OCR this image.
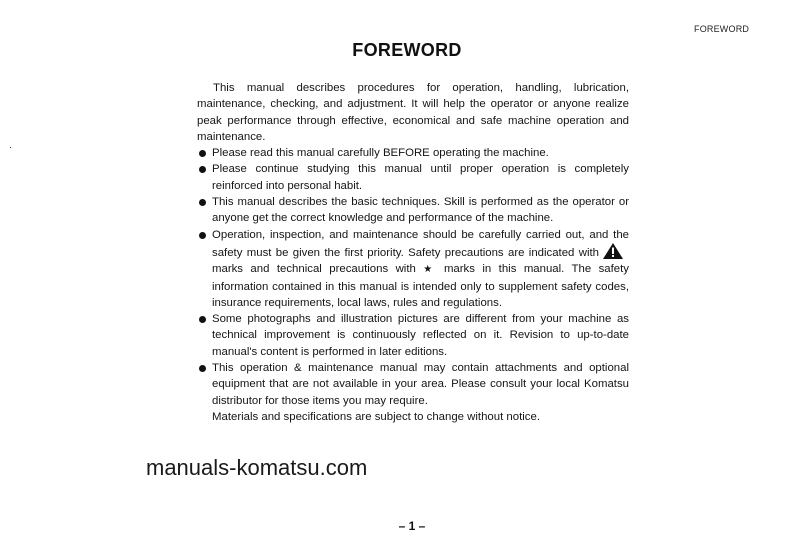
FOREWORD
FOREWORD

This manual describes procedures for operation, handling, lubrication, maintenance, checking, and adjustment. It will help the operator or anyone realize peak performance through effective, economical and safe machine operation and maintenance.

Please read this manual carefully BEFORE operating the machine.
Please continue studying this manual until proper operation is completely reinforced into personal habit.
This manual describes the basic techniques. Skill is performed as the operator or anyone get the correct knowledge and performance of the machine.
Operation, inspection, and maintenance should be carefully carried out, and the safety must be given the first priority. Safety precautions are indicated withmarks and technical precautions with ★ marks in this manual. The safety information contained in this manual is intended only to supplement safety codes, insurance requirements, local laws, rules and regulations.
Some photographs and illustration pictures are different from your machine as technical improvement is continuously reflected on it. Revision to up-to-date manual's content is performed in later editions.
This operation & maintenance manual may contain attachments and optional equipment that are not available in your area. Please consult your local Komatsu distributor for those items you may require.

Materials and specifications are subject to change without notice.

manuals-komatsu.com
– 1 –
